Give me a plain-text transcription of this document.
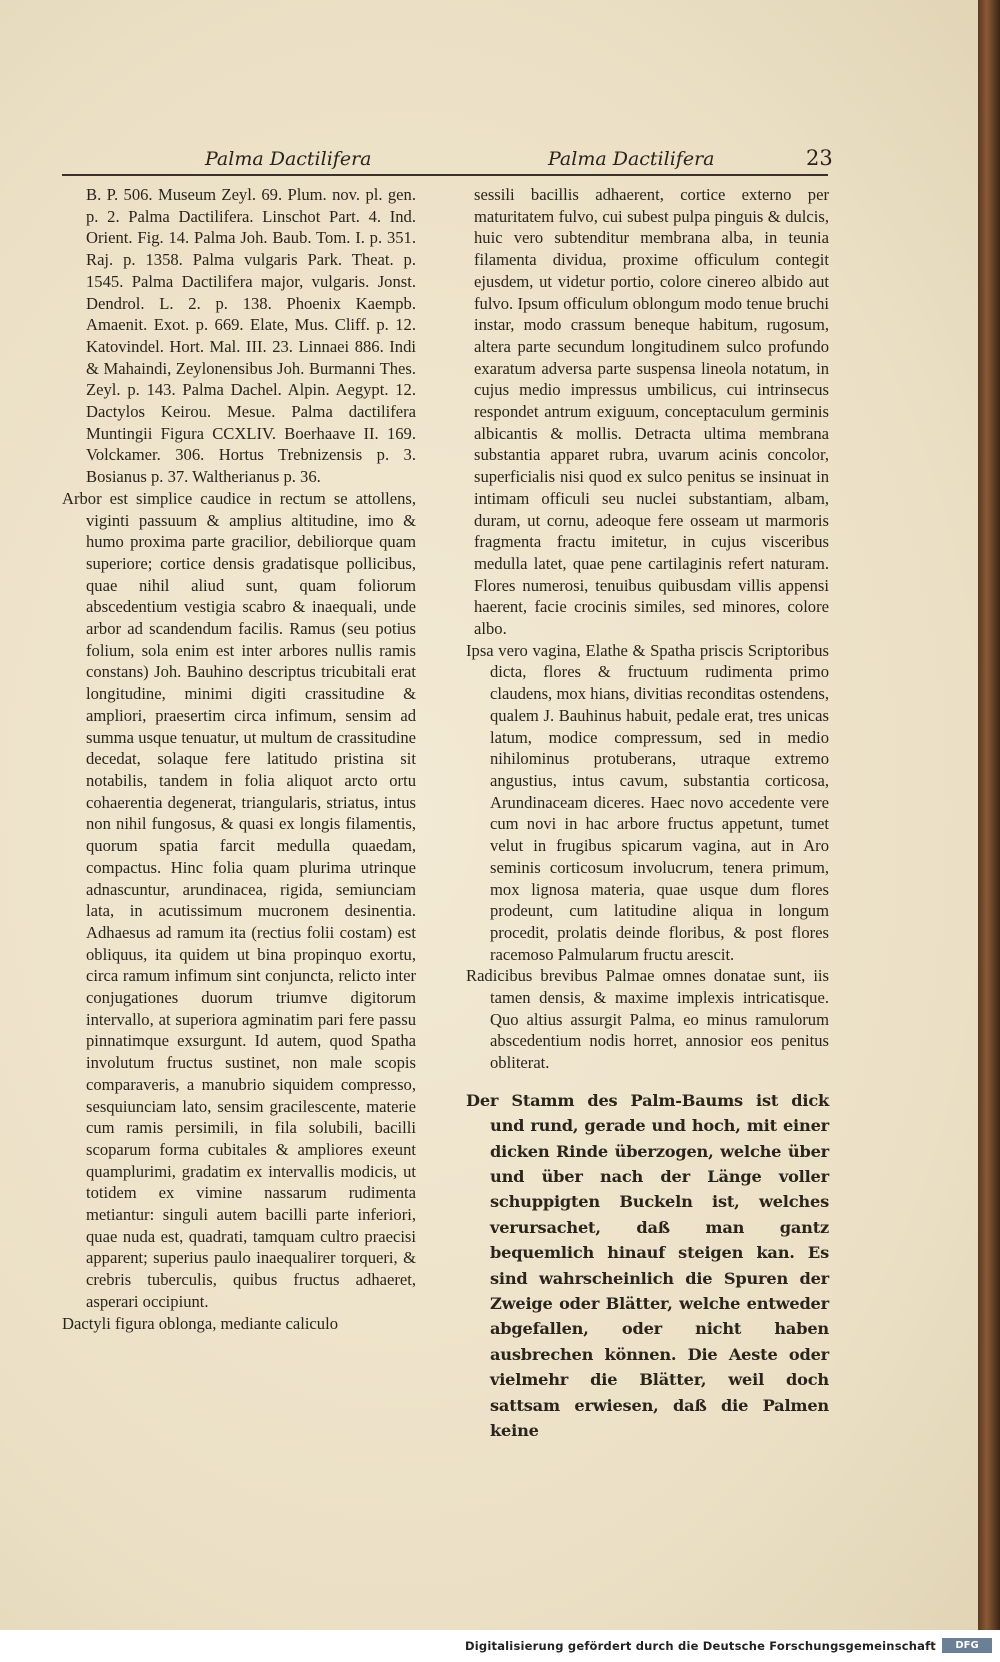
Palma Dactilifera	Palma Dactilifera	23

B. P. 506. Museum Zeyl. 69. Plum. nov. pl. gen. p. 2. Palma Dactilifera. Linschot Part. 4. Ind. Orient. Fig. 14. Palma Joh. Baub. Tom. I. p. 351. Raj. p. 1358. Palma vulgaris Park. Theat. p. 1545. Palma Dactilifera major, vulgaris. Jonst. Dendrol. L. 2. p. 138. Phoenix Kaempb. Amaenit. Exot. p. 669. Elate, Mus. Cliff. p. 12. Katovindel. Hort. Mal. III. 23. Linnaei 886. Indi & Mahaindi, Zeylonensibus Joh. Burmanni Thes. Zeyl. p. 143. Palma Dachel. Alpin. Aegypt. 12. Dactylos Keirou. Mesue. Palma dactilifera Muntingii Figura CCXLIV. Boerhaave II. 169. Volckamer. 306. Hortus Trebnizensis p. 3. Bosianus p. 37. Waltherianus p. 36.

Arbor est simplice caudice in rectum se attollens, viginti passuum & amplius altitudine, imo & humo proxima parte gracilior, debiliorque quam superiore; cortice densis gradatisque pollicibus, quae nihil aliud sunt, quam foliorum abscedentium vestigia scabro & inaequali, unde arbor ad scandendum facilis. Ramus (seu potius folium, sola enim est inter arbores nullis ramis constans) Joh. Bauhino descriptus tricubitali erat longitudine, minimi digiti crassitudine & ampliori, praesertim circa infimum, sensim ad summa usque tenuatur, ut multum de crassitudine decedat, solaque fere latitudo pristina sit notabilis, tandem in folia aliquot arcto ortu cohaerentia degenerat, triangularis, striatus, intus non nihil fungosus, & quasi ex longis filamentis, quorum spatia farcit medulla quaedam, compactus. Hinc folia quam plurima utrinque adnascuntur, arundinacea, rigida, semiunciam lata, in acutissimum mucronem desinentia. Adhaesus ad ramum ita (rectius folii costam) est obliquus, ita quidem ut bina propinquo exortu, circa ramum infimum sint conjuncta, relicto inter conjugationes duorum triumve digitorum intervallo, at superiora agminatim pari fere passu pinnatimque exsurgunt. Id autem, quod Spatha involutum fructus sustinet, non male scopis comparaveris, a manubrio siquidem compresso, sesquiunciam lato, sensim gracilescente, materie cum ramis persimili, in fila solubili, bacilli scoparum forma cubitales & ampliores exeunt quamplurimi, gradatim ex intervallis modicis, ut totidem ex vimine nassarum rudimenta metiantur: singuli autem bacilli parte inferiori, quae nuda est, quadrati, tamquam cultro praecisi apparent; superius paulo inaequalirer torqueri, & crebris tuberculis, quibus fructus adhaeret, asperari occipiunt.

Dactyli figura oblonga, mediante caliculo

sessili bacillis adhaerent, cortice externo per maturitatem fulvo, cui subest pulpa pinguis & dulcis, huic vero subtenditur membrana alba, in teunia filamenta dividua, proxime officulum contegit ejusdem, ut videtur portio, colore cinereo albido aut fulvo. Ipsum officulum oblongum modo tenue bruchi instar, modo crassum beneque habitum, rugosum, altera parte secundum longitudinem sulco profundo exaratum adversa parte suspensa lineola notatum, in cujus medio impressus umbilicus, cui intrinsecus respondet antrum exiguum, conceptaculum germinis albicantis & mollis. Detracta ultima membrana substantia apparet rubra, uvarum acinis concolor, superficialis nisi quod ex sulco penitus se insinuat in intimam officuli seu nuclei substantiam, albam, duram, ut cornu, adeoque fere osseam ut marmoris fragmenta fractu imitetur, in cujus visceribus medulla latet, quae pene cartilaginis refert naturam. Flores numerosi, tenuibus quibusdam villis appensi haerent, facie crocinis similes, sed minores, colore albo.

Ipsa vero vagina, Elathe & Spatha priscis Scriptoribus dicta, flores & fructuum rudimenta primo claudens, mox hians, divitias reconditas ostendens, qualem J. Bauhinus habuit, pedale erat, tres unicas latum, modice compressum, sed in medio nihilominus protuberans, utraque extremo angustius, intus cavum, substantia corticosa, Arundinaceam diceres. Haec novo accedente vere cum novi in hac arbore fructus appetunt, tumet velut in frugibus spicarum vagina, aut in Aro seminis corticosum involucrum, tenera primum, mox lignosa materia, quae usque dum flores prodeunt, cum latitudine aliqua in longum procedit, prolatis deinde floribus, & post flores racemoso Palmularum fructu arescit.

Radicibus brevibus Palmae omnes donatae sunt, iis tamen densis, & maxime implexis intricatisque. Quo altius assurgit Palma, eo minus ramulorum abscedentium nodis horret, annosior eos penitus obliterat.

Der Stamm des Palm-Baums ist dick und rund, gerade und hoch, mit einer dicken Rinde überzogen, welche über und über nach der Länge voller schuppigten Buckeln ist, welches verursachet, daß man gantz bequemlich hinauf steigen kan. Es sind wahrscheinlich die Spuren der Zweige oder Blätter, welche entweder abgefallen, oder nicht haben ausbrechen können. Die Aeste oder vielmehr die Blätter, weil doch sattsam erwiesen, daß die Palmen keine

Digitalisierung gefördert durch die Deutsche Forschungsgemeinschaft	DFG
